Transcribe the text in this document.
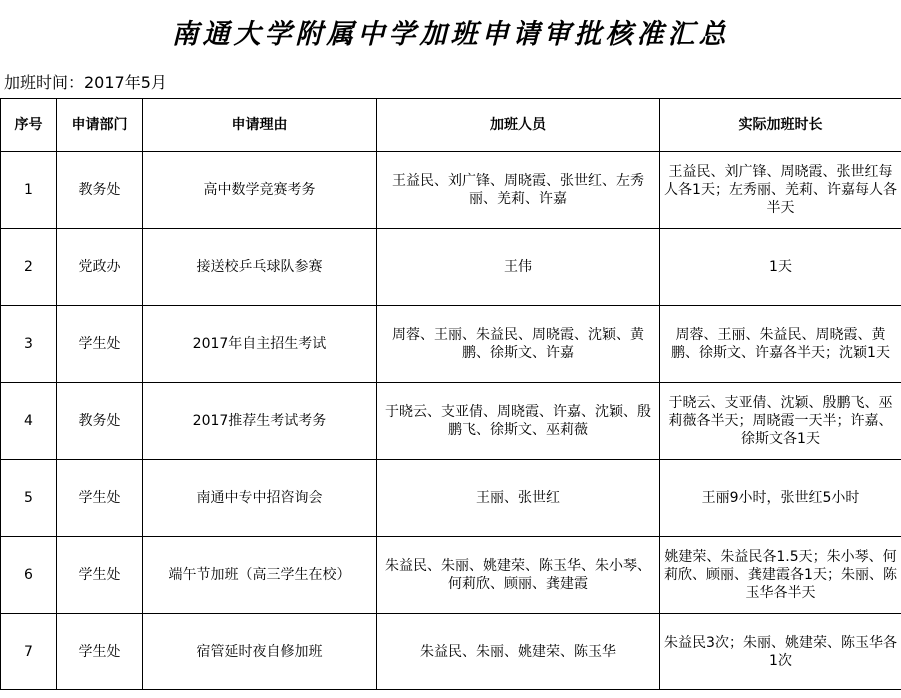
南通大学附属中学加班申请审批核准汇总
加班时间：2017年5月
序号	申请部门	申请理由	加班人员	实际加班时长
1	教务处	高中数学竞赛考务	王益民、刘广锋、周晓霞、张世红、左秀丽、羌莉、许嘉	王益民、刘广锋、周晓霞、张世红每人各1天；左秀丽、羌莉、许嘉每人各半天
2	党政办	接送校乒乓球队参赛	王伟	1天
3	学生处	2017年自主招生考试	周蓉、王丽、朱益民、周晓霞、沈颖、黄鹏、徐斯文、许嘉	周蓉、王丽、朱益民、周晓霞、黄鹏、徐斯文、许嘉各半天；沈颖1天
4	教务处	2017推荐生考试考务	于晓云、支亚倩、周晓霞、许嘉、沈颖、殷鹏飞、徐斯文、巫莉薇	于晓云、支亚倩、沈颖、殷鹏飞、巫莉薇各半天；周晓霞一天半；许嘉、徐斯文各1天
5	学生处	南通中专中招咨询会	王丽、张世红	王丽9小时，张世红5小时
6	学生处	端午节加班（高三学生在校）	朱益民、朱丽、姚建荣、陈玉华、朱小琴、何莉欣、顾丽、龚建霞	姚建荣、朱益民各1.5天；朱小琴、何莉欣、顾丽、龚建霞各1天；朱丽、陈玉华各半天
7	学生处	宿管延时夜自修加班	朱益民、朱丽、姚建荣、陈玉华	朱益民3次；朱丽、姚建荣、陈玉华各1次
